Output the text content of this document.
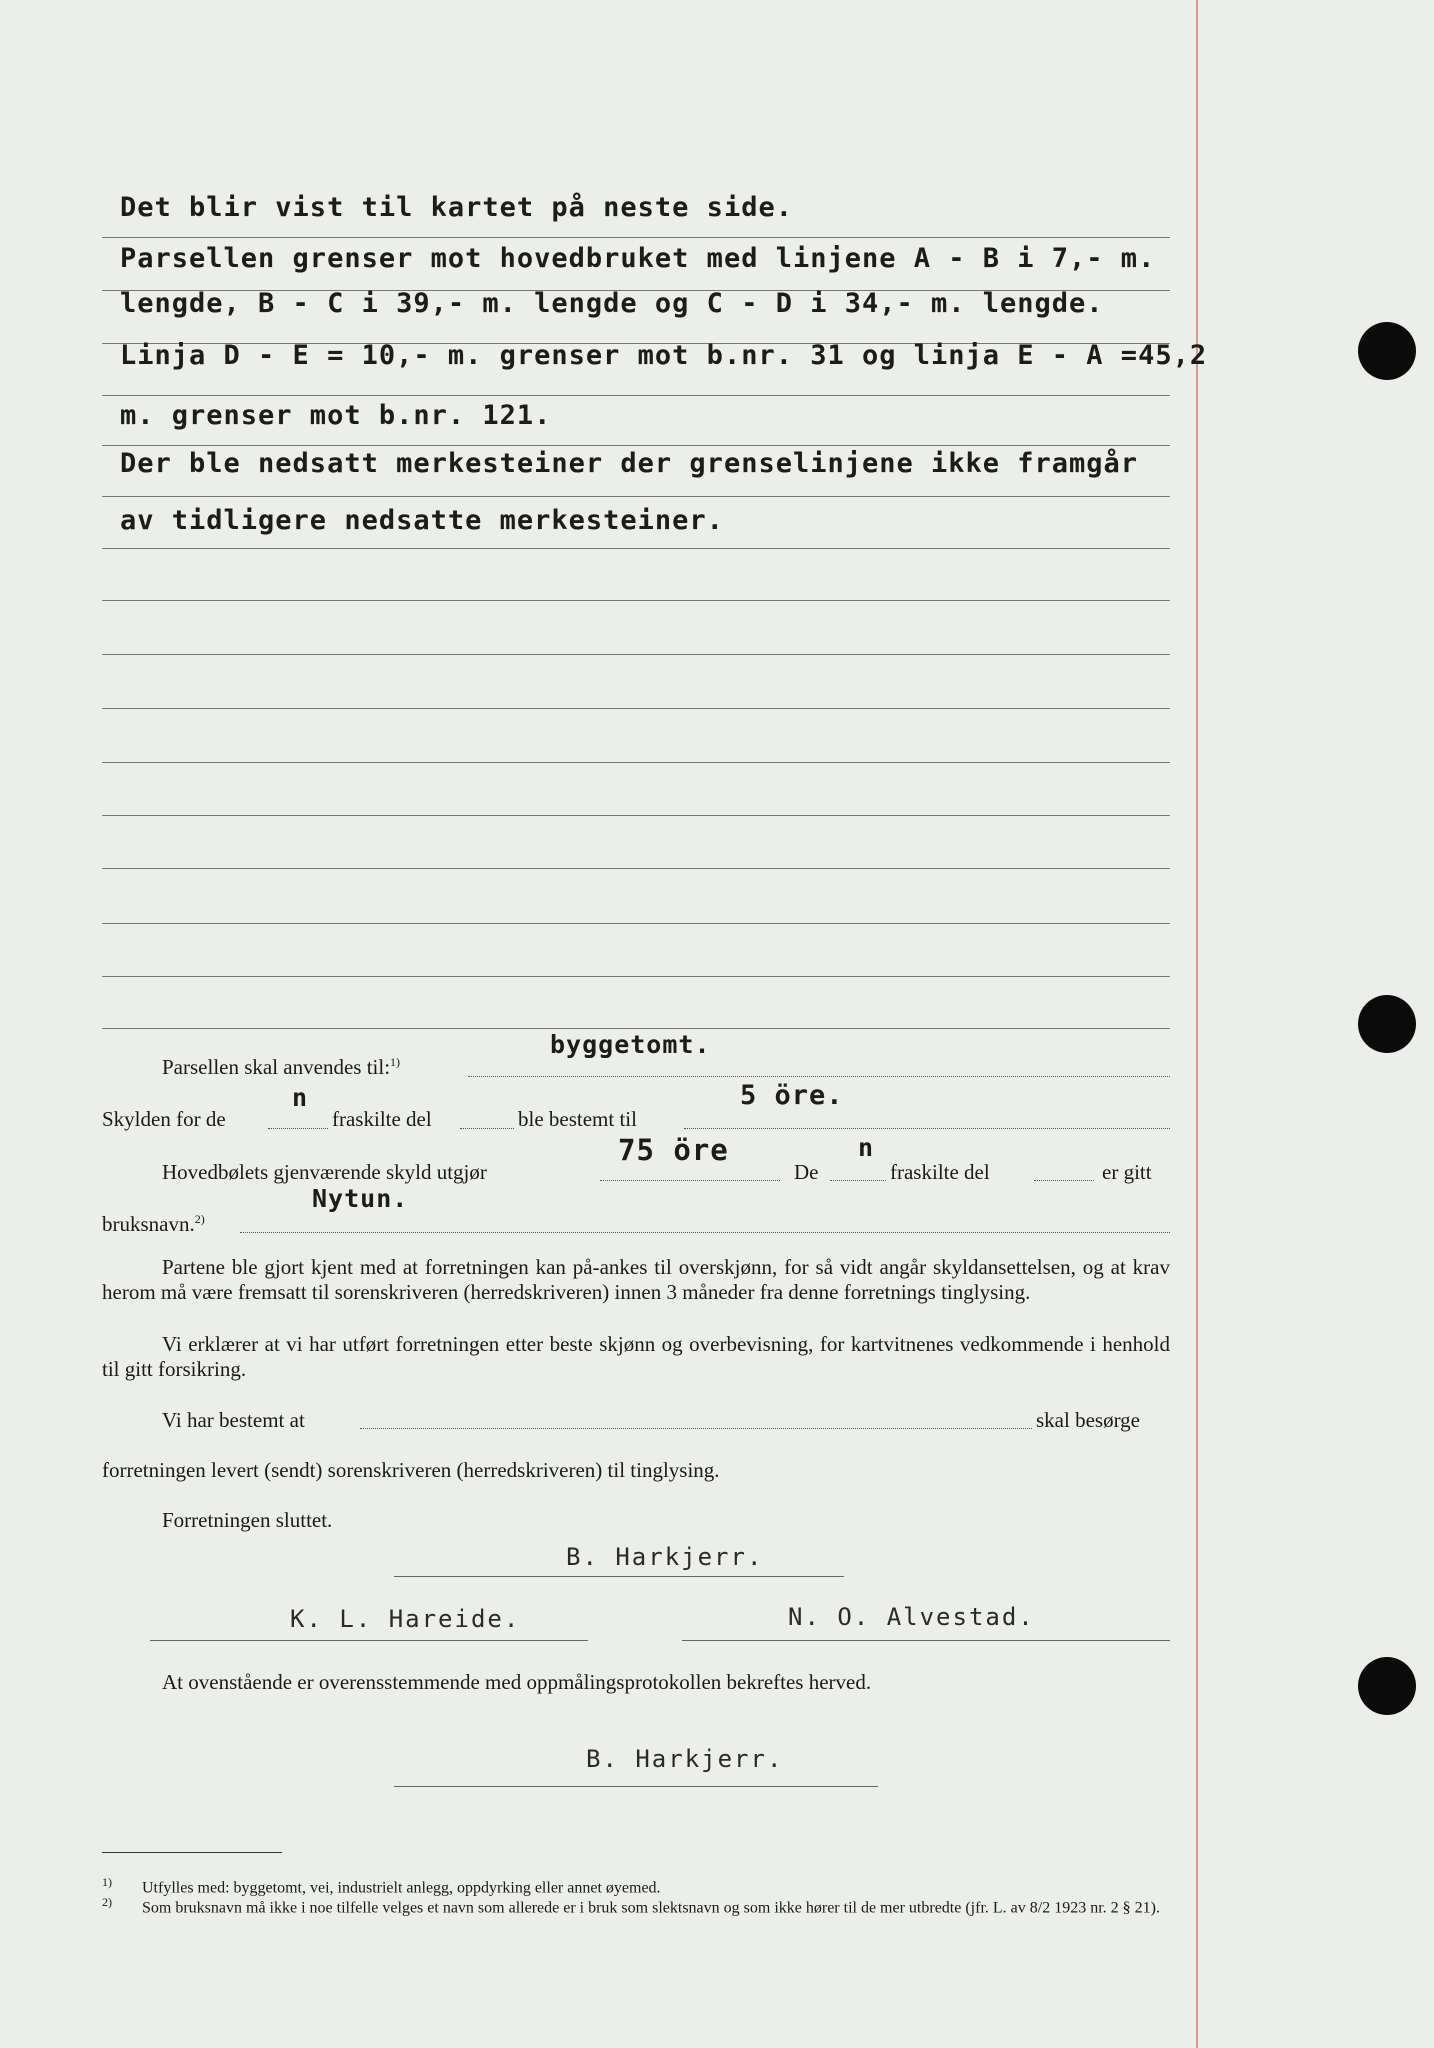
Det blir vist til kartet på neste side.
Parsellen grenser mot hovedbruket med linjene A - B i 7,- m.
lengde, B - C i 39,- m. lengde og C - D i 34,- m. lengde.
Linja D - E = 10,- m. grenser mot b.nr. 31 og linja E - A =45,2
m. grenser mot b.nr. 121.
Der ble nedsatt merkesteiner der grenselinjene ikke framgår
av tidligere nedsatte merkesteiner.
Parsellen skal anvendes til:$^{1)}$
byggetomt.
Skylden for de
n
fraskilte del	ble bestemt til
5 öre.
Hovedbølets gjenværende skyld utgjør
75 öre
De
n
fraskilte del	er gitt
bruksnavn.$^{2)}$
Nytun.
Partene ble gjort kjent med at forretningen kan på-ankes til overskjønn, for så vidt angår skyldansettelsen, og at krav herom må være fremsatt til sorenskriveren (herredskriveren) innen 3 måneder fra denne forretnings tinglysing.
Vi erklærer at vi har utført forretningen etter beste skjønn og overbevisning, for kartvitnenes vedkommende i henhold til gitt forsikring.
Vi har bestemt at	skal besørge
forretningen levert (sendt) sorenskriveren (herredskriveren) til tinglysing.
Forretningen sluttet.
B. Harkjerr.
K. L. Hareide.	N. O. Alvestad.
At ovenstående er overensstemmende med oppmålingsprotokollen bekreftes herved.
B. Harkjerr.
1) Utfylles med: byggetomt, vei, industrielt anlegg, oppdyrking eller annet øyemed.
2) Som bruksnavn må ikke i noe tilfelle velges et navn som allerede er i bruk som slektsnavn og som ikke hører til de mer utbredte (jfr. L. av 8/2 1923 nr. 2 § 21).
